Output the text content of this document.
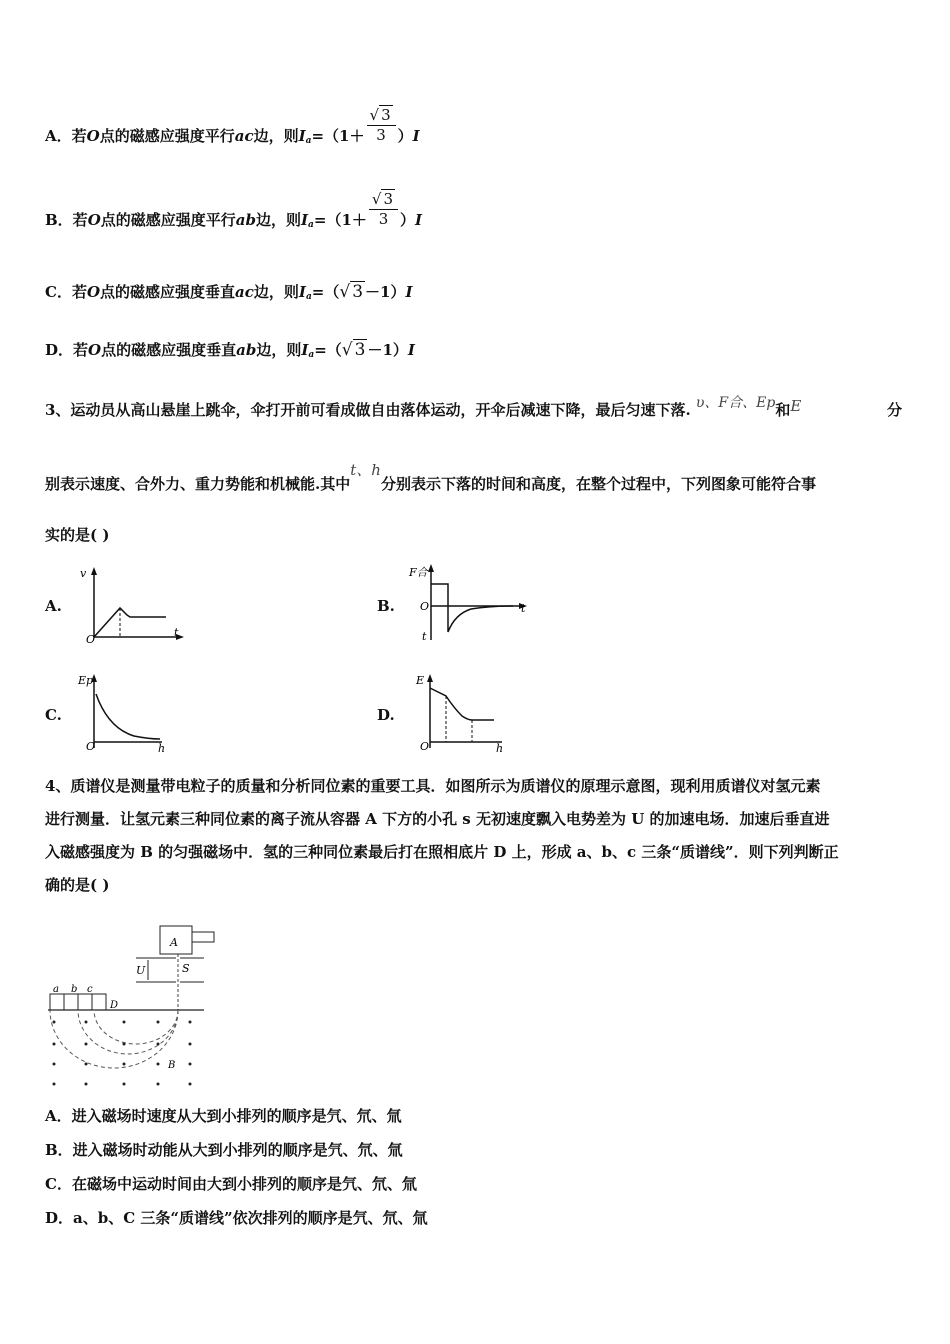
A．若O点的磁感应强度平行ac边，则$I_a=(1+ \frac{√ 3}{3} )I$
B．若O点的磁感应强度平行ab边，则$I_a=(1+ \frac{√ 3}{3} )I$
C．若O点的磁感应强度垂直ac边，则$I_a=(√$ 3 －1）I
D．若O点的磁感应强度垂直ab边，则$I_a=(√$ 3 －1）I
3、运动员从高山悬崖上跳伞，伞打开前可看成做自由落体运动，开伞后减速下降，最后匀速下落. υ、F合、Ep和E	分
别表示速度、合外力、重力势能和机械能.其中t、h分别表示下落的时间和高度，在整个过程中，下列图象可能符合事
实的是( )
A.	B.
C.	D.
v
O
t
F合
O	t
t
Ep
O	h
E
O	h
4、质谱仪是测量带电粒子的质量和分析同位素的重要工具．如图所示为质谱仪的原理示意图，现利用质谱仪对氢元素
进行测量．让氢元素三种同位素的离子流从容器 A 下方的小孔 s 无初速度飘入电势差为 U 的加速电场．加速后垂直进
入磁感强度为 B 的匀强磁场中．氢的三种同位素最后打在照相底片 D 上，形成 a、b、c 三条“质谱线”．则下列判断正
确的是( )
A
U	S
a b c
D
B
A．进入磁场时速度从大到小排列的顺序是氕、氘、氚
B．进入磁场时动能从大到小排列的顺序是氕、氘、氚
C．在磁场中运动时间由大到小排列的顺序是氕、氘、氚
D．a、b、C 三条“质谱线”依次排列的顺序是氕、氘、氚
